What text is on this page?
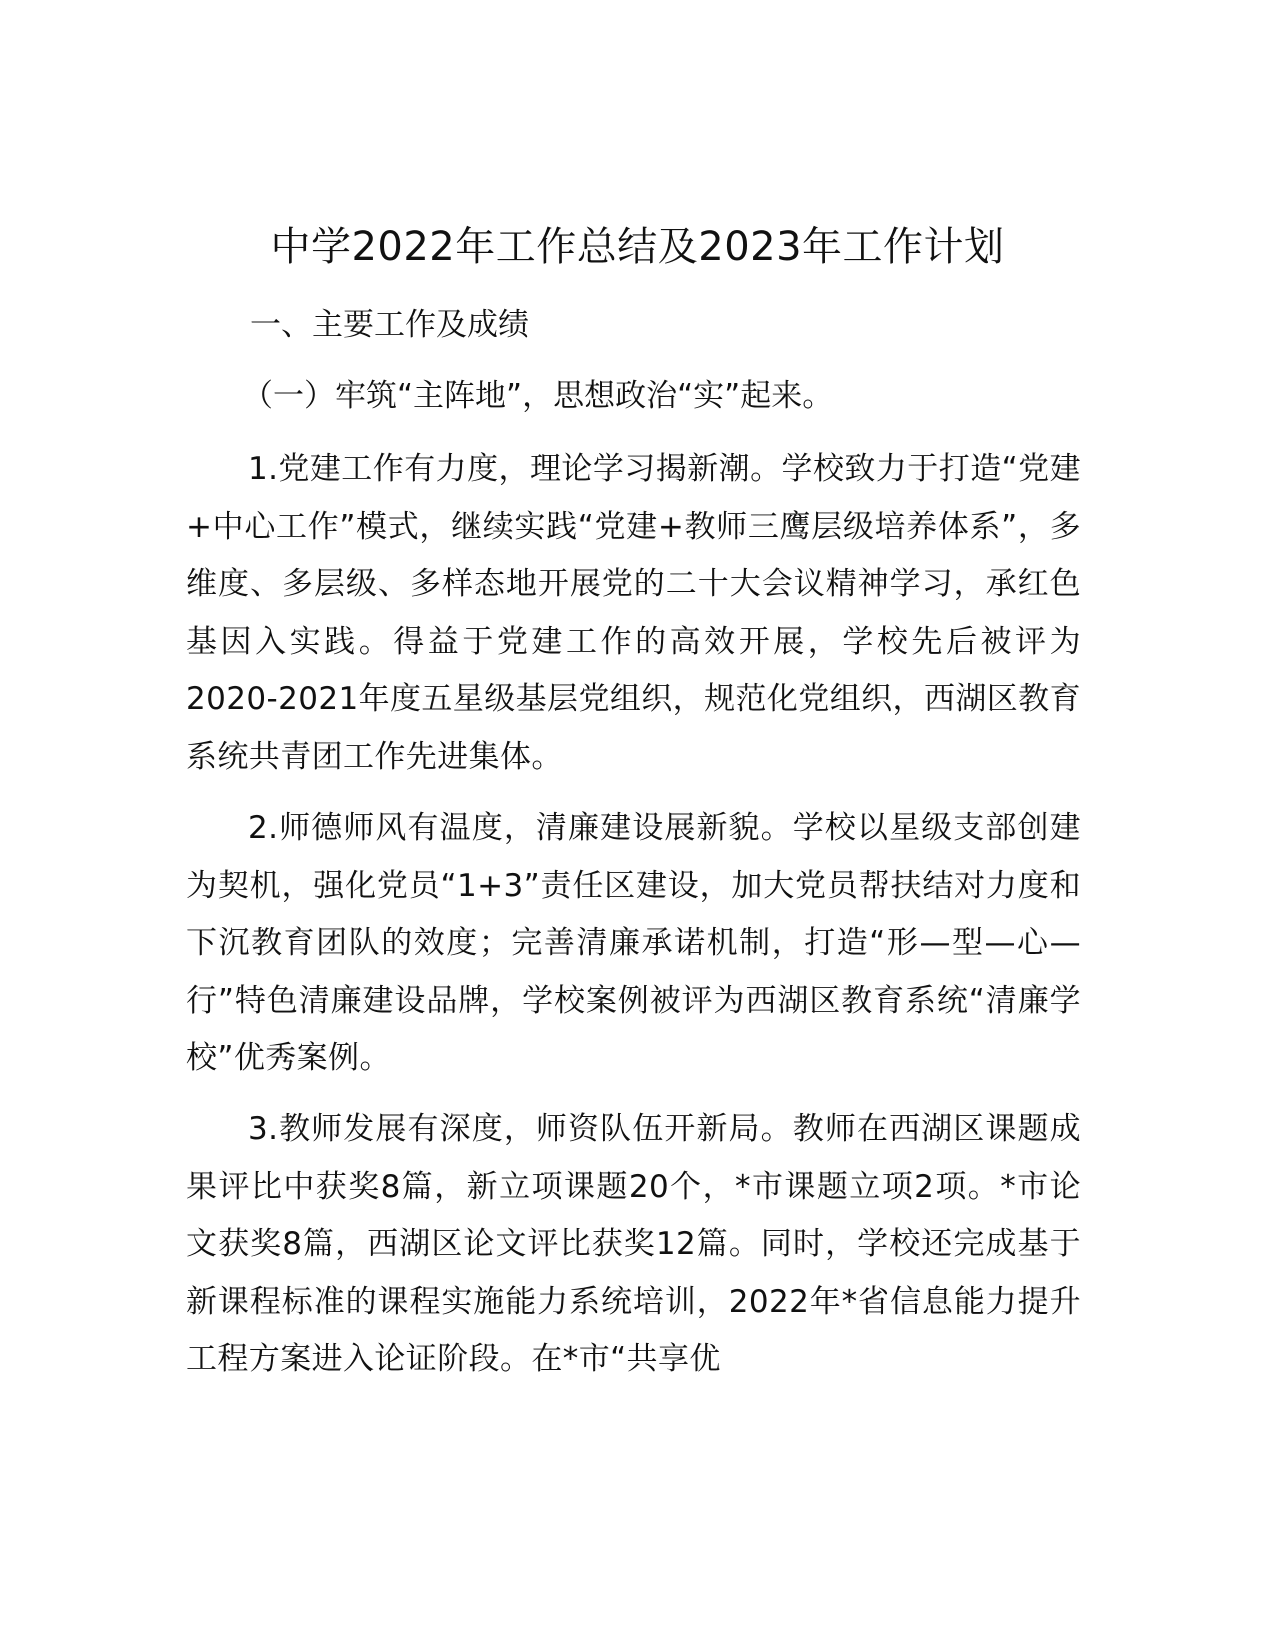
中学2022年工作总结及2023年工作计划
一、主要工作及成绩
（一）牢筑“主阵地”，思想政治“实”起来。

1.党建工作有力度，理论学习揭新潮。学校致力于打造“党建+中心工作”模式，继续实践“党建+教师三鹰层级培养体系”，多维度、多层级、多样态地开展党的二十大会议精神学习，承红色基因入实践。得益于党建工作的高效开展，学校先后被评为2020-2021年度五星级基层党组织，规范化党组织，西湖区教育系统共青团工作先进集体。

2.师德师风有温度，清廉建设展新貌。学校以星级支部创建为契机，强化党员“1+3”责任区建设，加大党员帮扶结对力度和下沉教育团队的效度；完善清廉承诺机制，打造“形—型—心—行”特色清廉建设品牌，学校案例被评为西湖区教育系统“清廉学校”优秀案例。

3.教师发展有深度，师资队伍开新局。教师在西湖区课题成果评比中获奖8篇，新立项课题20个，*市课题立项2项。*市论文获奖8篇，西湖区论文评比获奖12篇。同时，学校还完成基于新课程标准的课程实施能力系统培训，2022年*省信息能力提升工程方案进入论证阶段。在*市“共享优
